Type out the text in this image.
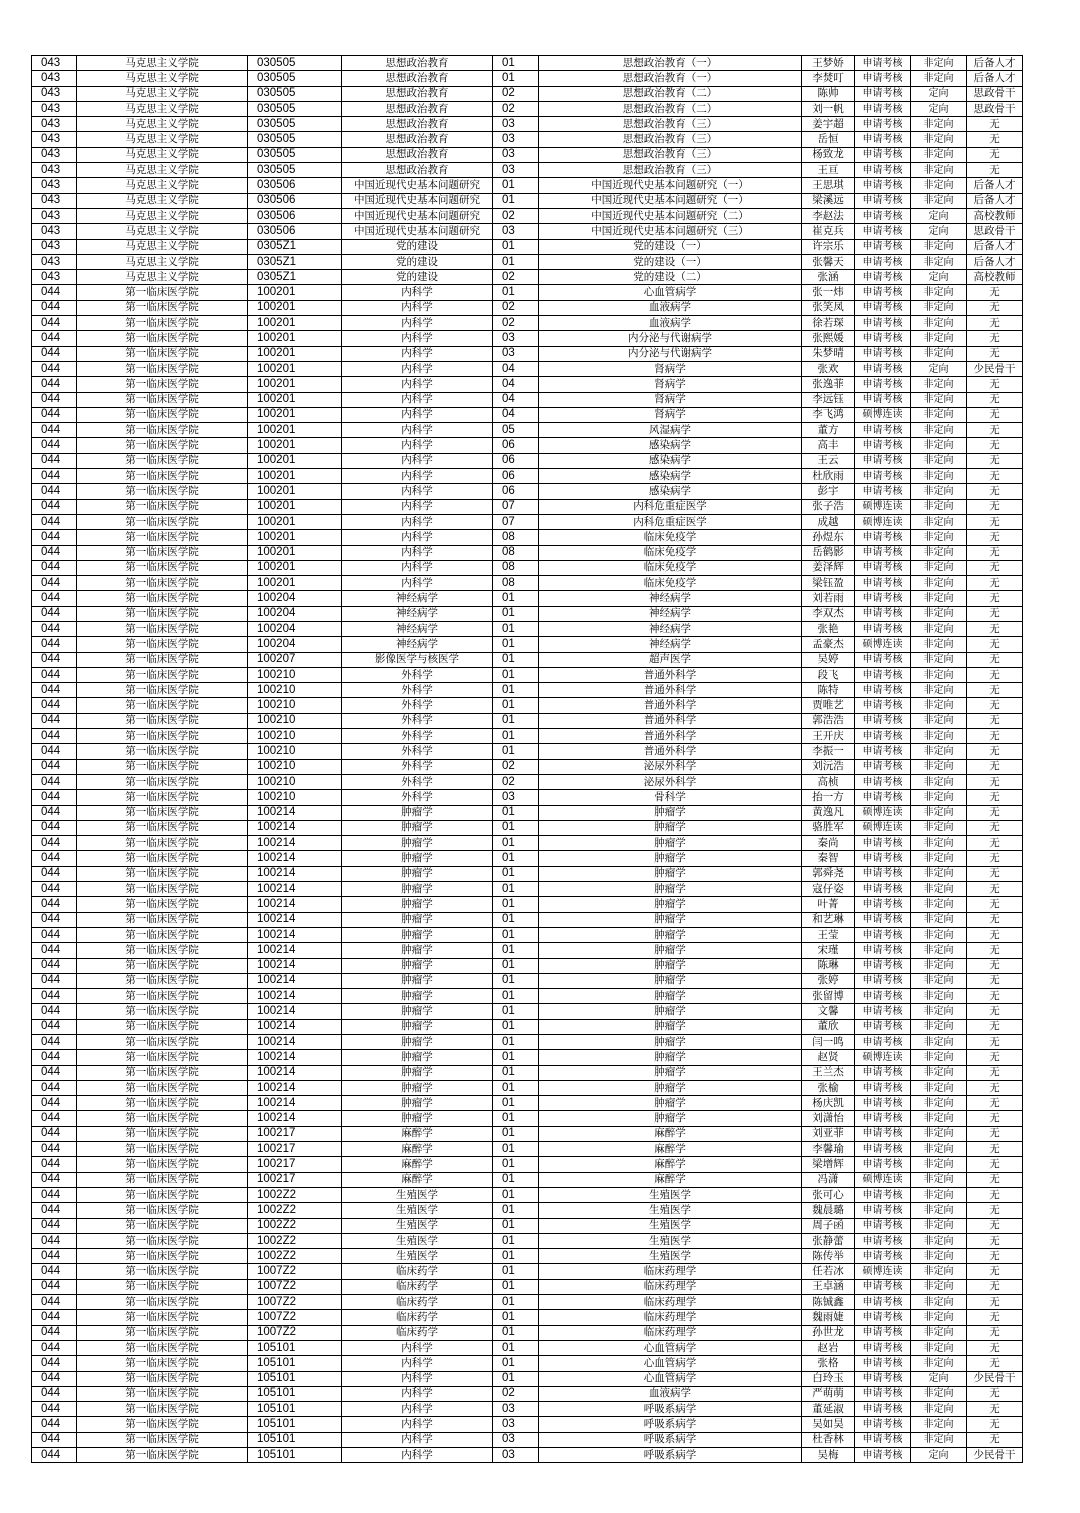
043	马克思主义学院	030505	思想政治教育	01	思想政治教育（一）	王梦娇	申请考核	非定向	后备人才
043	马克思主义学院	030505	思想政治教育	01	思想政治教育（一）	李焚叮	申请考核	非定向	后备人才
043	马克思主义学院	030505	思想政治教育	02	思想政治教育（二）	陈帅	申请考核	定向	思政骨干
043	马克思主义学院	030505	思想政治教育	02	思想政治教育（二）	刘一帆	申请考核	定向	思政骨干
043	马克思主义学院	030505	思想政治教育	03	思想政治教育（三）	姜宇超	申请考核	非定向	无
043	马克思主义学院	030505	思想政治教育	03	思想政治教育（三）	岳恒	申请考核	非定向	无
043	马克思主义学院	030505	思想政治教育	03	思想政治教育（三）	杨致龙	申请考核	非定向	无
043	马克思主义学院	030505	思想政治教育	03	思想政治教育（三）	王亘	申请考核	非定向	无
043	马克思主义学院	030506	中国近现代史基本问题研究	01	中国近现代史基本问题研究（一）	王思琪	申请考核	非定向	后备人才
043	马克思主义学院	030506	中国近现代史基本问题研究	01	中国近现代史基本问题研究（一）	梁溪远	申请考核	非定向	后备人才
043	马克思主义学院	030506	中国近现代史基本问题研究	02	中国近现代史基本问题研究（二）	李赵法	申请考核	定向	高校教师
043	马克思主义学院	030506	中国近现代史基本问题研究	03	中国近现代史基本问题研究（三）	崔克兵	申请考核	定向	思政骨干
043	马克思主义学院	0305Z1	党的建设	01	党的建设（一）	许宗乐	申请考核	非定向	后备人才
043	马克思主义学院	0305Z1	党的建设	01	党的建设（一）	张馨天	申请考核	非定向	后备人才
043	马克思主义学院	0305Z1	党的建设	02	党的建设（二）	张涵	申请考核	定向	高校教师
044	第一临床医学院	100201	内科学	01	心血管病学	张一炜	申请考核	非定向	无
044	第一临床医学院	100201	内科学	02	血液病学	张笑凤	申请考核	非定向	无
044	第一临床医学院	100201	内科学	02	血液病学	徐若琛	申请考核	非定向	无
044	第一临床医学院	100201	内科学	03	内分泌与代谢病学	张熙媛	申请考核	非定向	无
044	第一临床医学院	100201	内科学	03	内分泌与代谢病学	朱梦晴	申请考核	非定向	无
044	第一临床医学院	100201	内科学	04	肾病学	张欢	申请考核	定向	少民骨干
044	第一临床医学院	100201	内科学	04	肾病学	张逸菲	申请考核	非定向	无
044	第一临床医学院	100201	内科学	04	肾病学	李远钰	申请考核	非定向	无
044	第一临床医学院	100201	内科学	04	肾病学	李飞鸿	硕博连读	非定向	无
044	第一临床医学院	100201	内科学	05	风湿病学	董方	申请考核	非定向	无
044	第一临床医学院	100201	内科学	06	感染病学	高丰	申请考核	非定向	无
044	第一临床医学院	100201	内科学	06	感染病学	王云	申请考核	非定向	无
044	第一临床医学院	100201	内科学	06	感染病学	杜欣雨	申请考核	非定向	无
044	第一临床医学院	100201	内科学	06	感染病学	彭宇	申请考核	非定向	无
044	第一临床医学院	100201	内科学	07	内科危重症医学	张子浩	硕博连读	非定向	无
044	第一临床医学院	100201	内科学	07	内科危重症医学	成越	硕博连读	非定向	无
044	第一临床医学院	100201	内科学	08	临床免疫学	孙煜东	申请考核	非定向	无
044	第一临床医学院	100201	内科学	08	临床免疫学	岳鹤影	申请考核	非定向	无
044	第一临床医学院	100201	内科学	08	临床免疫学	姜泽辉	申请考核	非定向	无
044	第一临床医学院	100201	内科学	08	临床免疫学	梁钰盈	申请考核	非定向	无
044	第一临床医学院	100204	神经病学	01	神经病学	刘若雨	申请考核	非定向	无
044	第一临床医学院	100204	神经病学	01	神经病学	李双杰	申请考核	非定向	无
044	第一临床医学院	100204	神经病学	01	神经病学	张艳	申请考核	非定向	无
044	第一临床医学院	100204	神经病学	01	神经病学	孟豪杰	硕博连读	非定向	无
044	第一临床医学院	100207	影像医学与核医学	01	超声医学	吴婷	申请考核	非定向	无
044	第一临床医学院	100210	外科学	01	普通外科学	段飞	申请考核	非定向	无
044	第一临床医学院	100210	外科学	01	普通外科学	陈特	申请考核	非定向	无
044	第一临床医学院	100210	外科学	01	普通外科学	贾唯艺	申请考核	非定向	无
044	第一临床医学院	100210	外科学	01	普通外科学	郭浩浩	申请考核	非定向	无
044	第一临床医学院	100210	外科学	01	普通外科学	王开庆	申请考核	非定向	无
044	第一临床医学院	100210	外科学	01	普通外科学	李振一	申请考核	非定向	无
044	第一临床医学院	100210	外科学	02	泌尿外科学	刘沅浩	申请考核	非定向	无
044	第一临床医学院	100210	外科学	02	泌尿外科学	高桢	申请考核	非定向	无
044	第一临床医学院	100210	外科学	03	骨科学	抬一方	申请考核	非定向	无
044	第一临床医学院	100214	肿瘤学	01	肿瘤学	黄逸凡	硕博连读	非定向	无
044	第一临床医学院	100214	肿瘤学	01	肿瘤学	骆胜军	硕博连读	非定向	无
044	第一临床医学院	100214	肿瘤学	01	肿瘤学	秦尚	申请考核	非定向	无
044	第一临床医学院	100214	肿瘤学	01	肿瘤学	秦智	申请考核	非定向	无
044	第一临床医学院	100214	肿瘤学	01	肿瘤学	郭舜尧	申请考核	非定向	无
044	第一临床医学院	100214	肿瘤学	01	肿瘤学	寇仔姿	申请考核	非定向	无
044	第一临床医学院	100214	肿瘤学	01	肿瘤学	叶菁	申请考核	非定向	无
044	第一临床医学院	100214	肿瘤学	01	肿瘤学	和艺琳	申请考核	非定向	无
044	第一临床医学院	100214	肿瘤学	01	肿瘤学	王莹	申请考核	非定向	无
044	第一临床医学院	100214	肿瘤学	01	肿瘤学	宋瑾	申请考核	非定向	无
044	第一临床医学院	100214	肿瘤学	01	肿瘤学	陈琳	申请考核	非定向	无
044	第一临床医学院	100214	肿瘤学	01	肿瘤学	张婷	申请考核	非定向	无
044	第一临床医学院	100214	肿瘤学	01	肿瘤学	张留博	申请考核	非定向	无
044	第一临床医学院	100214	肿瘤学	01	肿瘤学	文馨	申请考核	非定向	无
044	第一临床医学院	100214	肿瘤学	01	肿瘤学	董欣	申请考核	非定向	无
044	第一临床医学院	100214	肿瘤学	01	肿瘤学	闫一鸣	申请考核	非定向	无
044	第一临床医学院	100214	肿瘤学	01	肿瘤学	赵贤	硕博连读	非定向	无
044	第一临床医学院	100214	肿瘤学	01	肿瘤学	王兰杰	申请考核	非定向	无
044	第一临床医学院	100214	肿瘤学	01	肿瘤学	张榆	申请考核	非定向	无
044	第一临床医学院	100214	肿瘤学	01	肿瘤学	杨庆凯	申请考核	非定向	无
044	第一临床医学院	100214	肿瘤学	01	肿瘤学	刘潇怡	申请考核	非定向	无
044	第一临床医学院	100217	麻醉学	01	麻醉学	刘亚菲	申请考核	非定向	无
044	第一临床医学院	100217	麻醉学	01	麻醉学	李馨瑜	申请考核	非定向	无
044	第一临床医学院	100217	麻醉学	01	麻醉学	梁增辉	申请考核	非定向	无
044	第一临床医学院	100217	麻醉学	01	麻醉学	冯潇	硕博连读	非定向	无
044	第一临床医学院	1002Z2	生殖医学	01	生殖医学	张可心	申请考核	非定向	无
044	第一临床医学院	1002Z2	生殖医学	01	生殖医学	魏晨璐	申请考核	非定向	无
044	第一临床医学院	1002Z2	生殖医学	01	生殖医学	周子函	申请考核	非定向	无
044	第一临床医学院	1002Z2	生殖医学	01	生殖医学	张静蕾	申请考核	非定向	无
044	第一临床医学院	1002Z2	生殖医学	01	生殖医学	陈传举	申请考核	非定向	无
044	第一临床医学院	1007Z2	临床药学	01	临床药理学	任若冰	硕博连读	非定向	无
044	第一临床医学院	1007Z2	临床药学	01	临床药理学	王卓涵	申请考核	非定向	无
044	第一临床医学院	1007Z2	临床药学	01	临床药理学	陈铖鑫	申请考核	非定向	无
044	第一临床医学院	1007Z2	临床药学	01	临床药理学	魏雨婕	申请考核	非定向	无
044	第一临床医学院	1007Z2	临床药学	01	临床药理学	孙世龙	申请考核	非定向	无
044	第一临床医学院	105101	内科学	01	心血管病学	赵岩	申请考核	非定向	无
044	第一临床医学院	105101	内科学	01	心血管病学	张格	申请考核	非定向	无
044	第一临床医学院	105101	内科学	01	心血管病学	白玲玉	申请考核	定向	少民骨干
044	第一临床医学院	105101	内科学	02	血液病学	严萌萌	申请考核	非定向	无
044	第一临床医学院	105101	内科学	03	呼吸系病学	董延淑	申请考核	非定向	无
044	第一临床医学院	105101	内科学	03	呼吸系病学	吴如昊	申请考核	非定向	无
044	第一临床医学院	105101	内科学	03	呼吸系病学	杜香林	申请考核	非定向	无
044	第一临床医学院	105101	内科学	03	呼吸系病学	吴梅	申请考核	定向	少民骨干
